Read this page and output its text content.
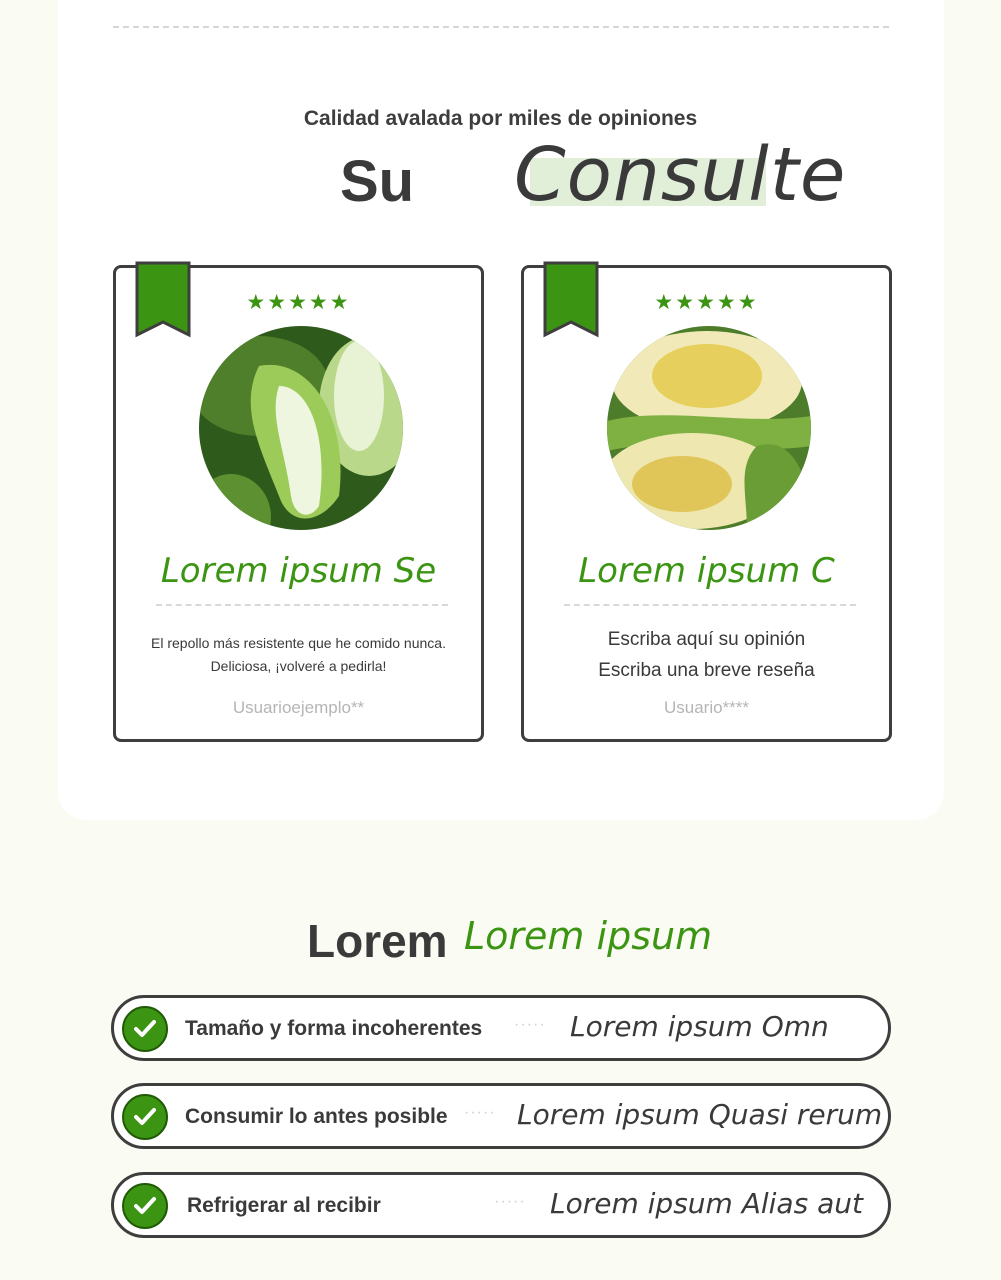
Calidad avalada por miles de opiniones
Su Consulte
★★★★★
Lorem ipsum Se
El repollo más resistente que he comido nunca.
Deliciosa, ¡volveré a pedirla!
Usuarioejemplo**
★★★★★
Lorem ipsum C
Escriba aquí su opinión
Escriba una breve reseña
Usuario****
Lorem Lorem ipsum
Tamaño y forma incoherentes ····· Lorem ipsum Omn
Consumir lo antes posible ····· Lorem ipsum Quasi rerum
Refrigerar al recibir	····· Lorem ipsum Alias aut
